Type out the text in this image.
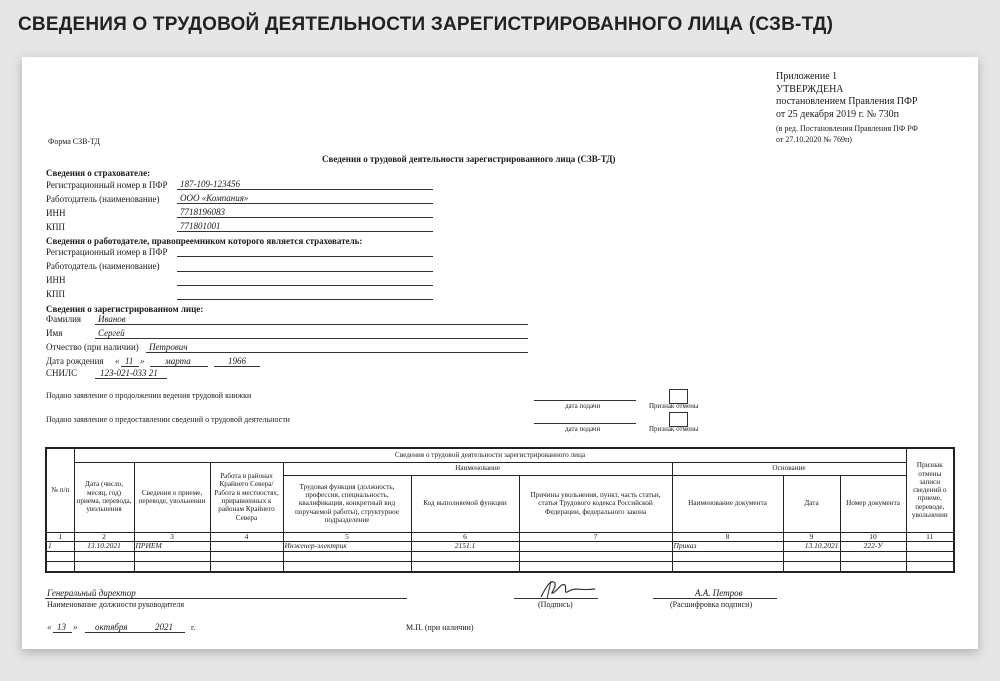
СВЕДЕНИЯ О ТРУДОВОЙ ДЕЯТЕЛЬНОСТИ ЗАРЕГИСТРИРОВАННОГО ЛИЦА (СЗВ-ТД)
Приложение 1
УТВЕРЖДЕНА
постановлением Правления ПФР
от 25 декабря 2019 г. № 730п
(в ред. Постановления Правления ПФ РФ
от 27.10.2020 № 769п)
Форма СЗВ-ТД
Сведения о трудовой деятельности зарегистрированного лица (СЗВ-ТД)
Сведения о страхователе:
Регистрационный номер в ПФР 187-109-123456
Работодатель (наименование) ООО «Компания»
ИНН	7718196083
КПП	771801001
Сведения о работодателе, правопреемником которого является страхователь:
Регистрационный номер в ПФР
Работодатель (наименование)
ИНН
КПП
Сведения о зарегистрированном лице:
Фамилия Иванов
Имя	Сергей
Отчество (при наличии) Петрович
Дата рождения « 11 » марта	1966
СНИЛС	123-021-033 21
Подано заявление о продолжении ведения трудовой книжки
дата подачи	Признак отмены
Подано заявление о предоставлении сведений о трудовой деятельности
дата подачи	Признак отмены
№ п/п	Сведения о трудовой деятельности зарегистрированного лица									Признак отмены записи сведений о приеме, переводе, увольнении
	Дата (число, месяц, год) приема, перевода, увольнения	Сведения о приеме, переводе, увольнении	Работа в районах Крайнего Севера/Работа в местностях, приравненных к районам Крайнего Севера	Наименование			Основание			
				Трудовая функция (должность, профессия, специальность, квалификация, конкретный вид поручаемой работы), структурное подразделение	Код выполняемой функции	Причины увольнения, пункт, часть статьи, статья Трудового кодекса Российской Федерации, федерального закона	Наименование документа	Дата	Номер документа	
1	2	3	4	5	6	7	8	9	10	11
1	13.10.2021	ПРИЕМ		Инженер-электрик	2151.1		Приказ	13.10.2021	222-У	

Генеральный директор
Наименование должности руководителя	(Подпись)
А.А. Петров
(Расшифровка подписи)
« 13 » октября	2021 г.	М.П. (при наличии)
